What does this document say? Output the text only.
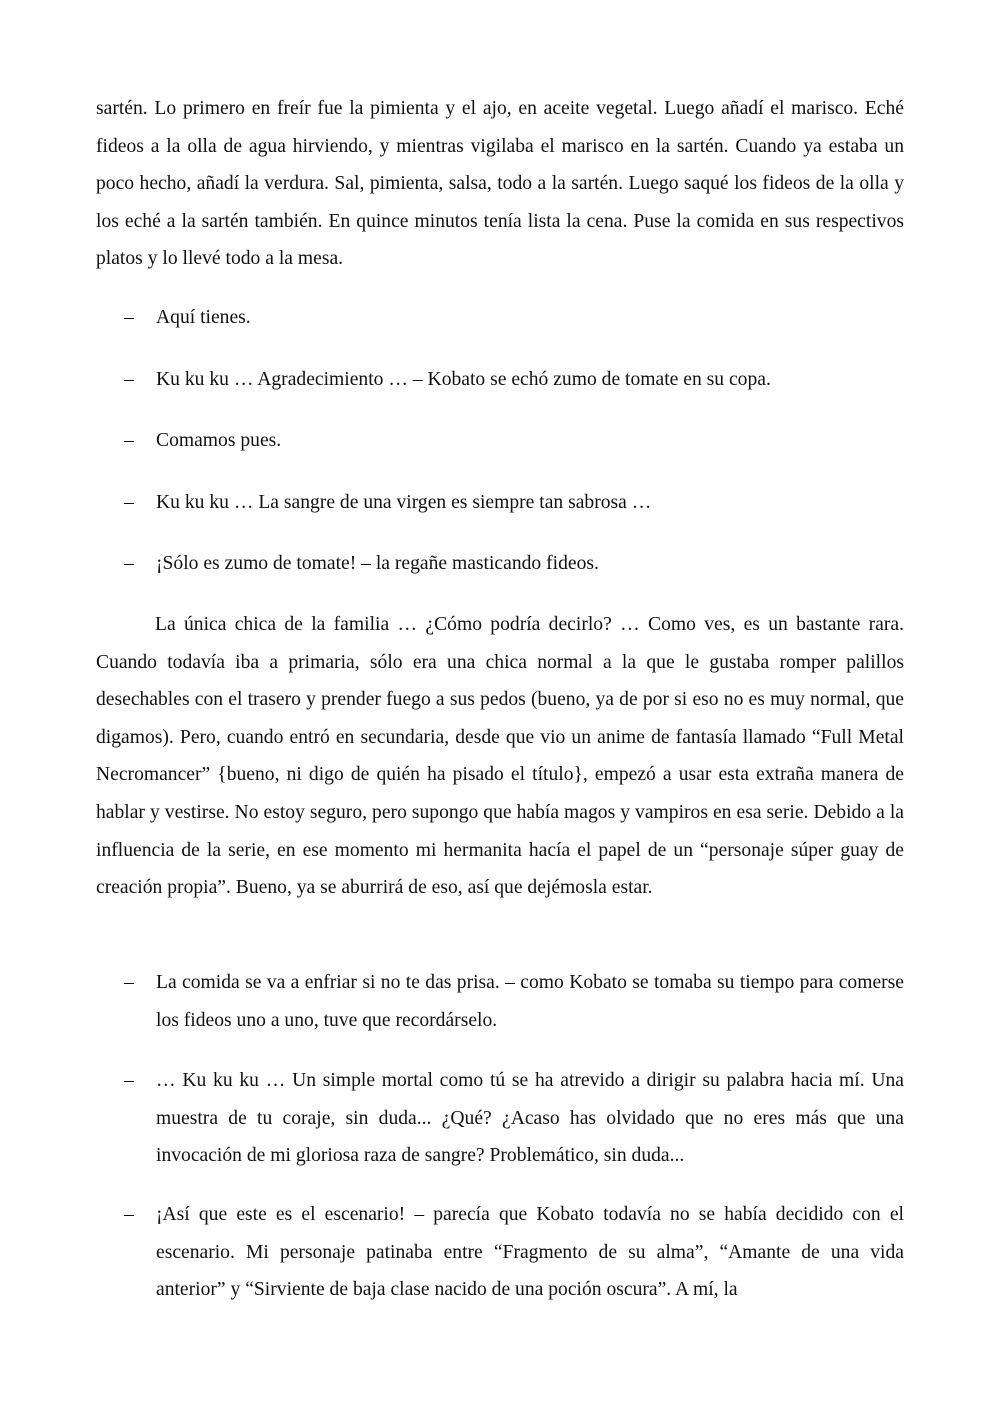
sartén. Lo primero en freír fue la pimienta y el ajo, en aceite vegetal. Luego añadí el marisco. Eché fideos a la olla de agua hirviendo, y mientras vigilaba el marisco en la sartén. Cuando ya estaba un poco hecho, añadí la verdura. Sal, pimienta, salsa, todo a la sartén. Luego saqué los fideos de la olla y los eché a la sartén también. En quince minutos tenía lista la cena. Puse la comida en sus respectivos platos y lo llevé todo a la mesa.

–	Aquí tienes.
–	Ku ku ku … Agradecimiento … – Kobato se echó zumo de tomate en su copa.
–	Comamos pues.
–	Ku ku ku … La sangre de una virgen es siempre tan sabrosa …
–	¡Sólo es zumo de tomate! – la regañe masticando fideos.

La única chica de la familia … ¿Cómo podría decirlo? … Como ves, es un bastante rara. Cuando todavía iba a primaria, sólo era una chica normal a la que le gustaba romper palillos desechables con el trasero y prender fuego a sus pedos (bueno, ya de por si eso no es muy normal, que digamos). Pero, cuando entró en secundaria, desde que vio un anime de fantasía llamado “Full Metal Necromancer” {bueno, ni digo de quién ha pisado el título}, empezó a usar esta extraña manera de hablar y vestirse. No estoy seguro, pero supongo que había magos y vampiros en esa serie. Debido a la influencia de la serie, en ese momento mi hermanita hacía el papel de un “personaje súper guay de creación propia”. Bueno, ya se aburrirá de eso, así que dejémosla estar.

–	La comida se va a enfriar si no te das prisa. – como Kobato se tomaba su tiempo para comerse los fideos uno a uno, tuve que recordárselo.
–	… Ku ku ku … Un simple mortal como tú se ha atrevido a dirigir su palabra hacia mí. Una muestra de tu coraje, sin duda... ¿Qué? ¿Acaso has olvidado que no eres más que una invocación de mi gloriosa raza de sangre? Problemático, sin duda...
–	¡Así que este es el escenario! – parecía que Kobato todavía no se había decidido con el escenario. Mi personaje patinaba entre “Fragmento de su alma”, “Amante de una vida anterior” y “Sirviente de baja clase nacido de una poción oscura”. A mí, la
